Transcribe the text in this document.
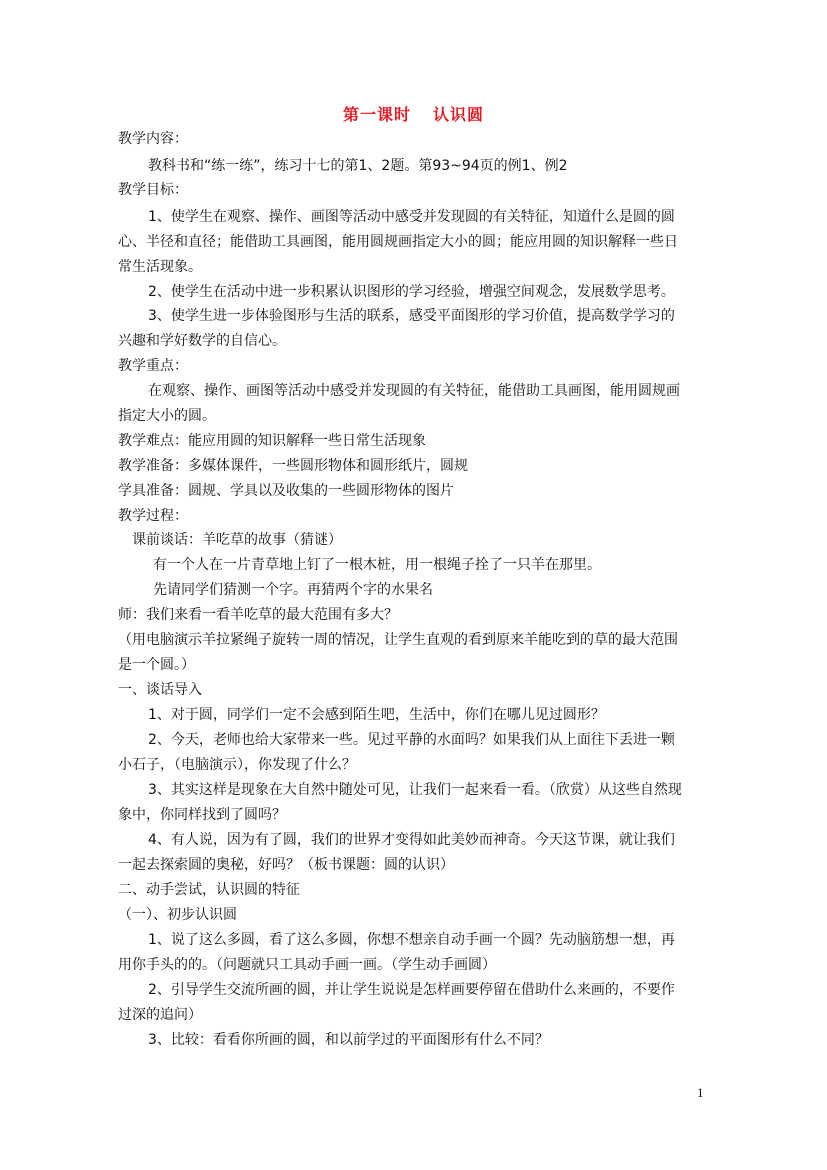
第一课时 认识圆
教学内容：
教科书和“练一练”，练习十七的第1、2题。第93~94页的例1、例2
教学目标：
1、使学生在观察、操作、画图等活动中感受并发现圆的有关特征，知道什么是圆的圆
心、半径和直径；能借助工具画图，能用圆规画指定大小的圆；能应用圆的知识解释一些日
常生活现象。
2、使学生在活动中进一步积累认识图形的学习经验，增强空间观念，发展数学思考。
3、使学生进一步体验图形与生活的联系，感受平面图形的学习价值，提高数学学习的
兴趣和学好数学的自信心。
教学重点：
在观察、操作、画图等活动中感受并发现圆的有关特征，能借助工具画图，能用圆规画
指定大小的圆。
教学难点：能应用圆的知识解释一些日常生活现象
教学准备：多媒体课件，一些圆形物体和圆形纸片，圆规
学具准备：圆规、学具以及收集的一些圆形物体的图片
教学过程：
课前谈话：羊吃草的故事（猜谜）
有一个人在一片青草地上钉了一根木桩，用一根绳子拴了一只羊在那里。
先请同学们猜测一个字。再猜两个字的水果名
师：我们来看一看羊吃草的最大范围有多大？
（用电脑演示羊拉紧绳子旋转一周的情况，让学生直观的看到原来羊能吃到的草的最大范围
是一个圆。）
一、谈话导入
1、对于圆，同学们一定不会感到陌生吧，生活中，你们在哪儿见过圆形？
2、今天，老师也给大家带来一些。见过平静的水面吗？如果我们从上面往下丢进一颗
小石子，（电脑演示），你发现了什么？
3、其实这样是现象在大自然中随处可见，让我们一起来看一看。（欣赏）从这些自然现
象中，你同样找到了圆吗？
4、有人说，因为有了圆，我们的世界才变得如此美妙而神奇。今天这节课，就让我们
一起去探索圆的奥秘，好吗？（板书课题：圆的认识）
二、动手尝试，认识圆的特征
（一）、初步认识圆
1、说了这么多圆，看了这么多圆，你想不想亲自动手画一个圆？先动脑筋想一想，再
用你手头的的。（问题就只工具动手画一画。（学生动手画圆）
2、引导学生交流所画的圆，并让学生说说是怎样画要停留在借助什么来画的，不要作
过深的追问）
3、比较：看看你所画的圆，和以前学过的平面图形有什么不同？
1
